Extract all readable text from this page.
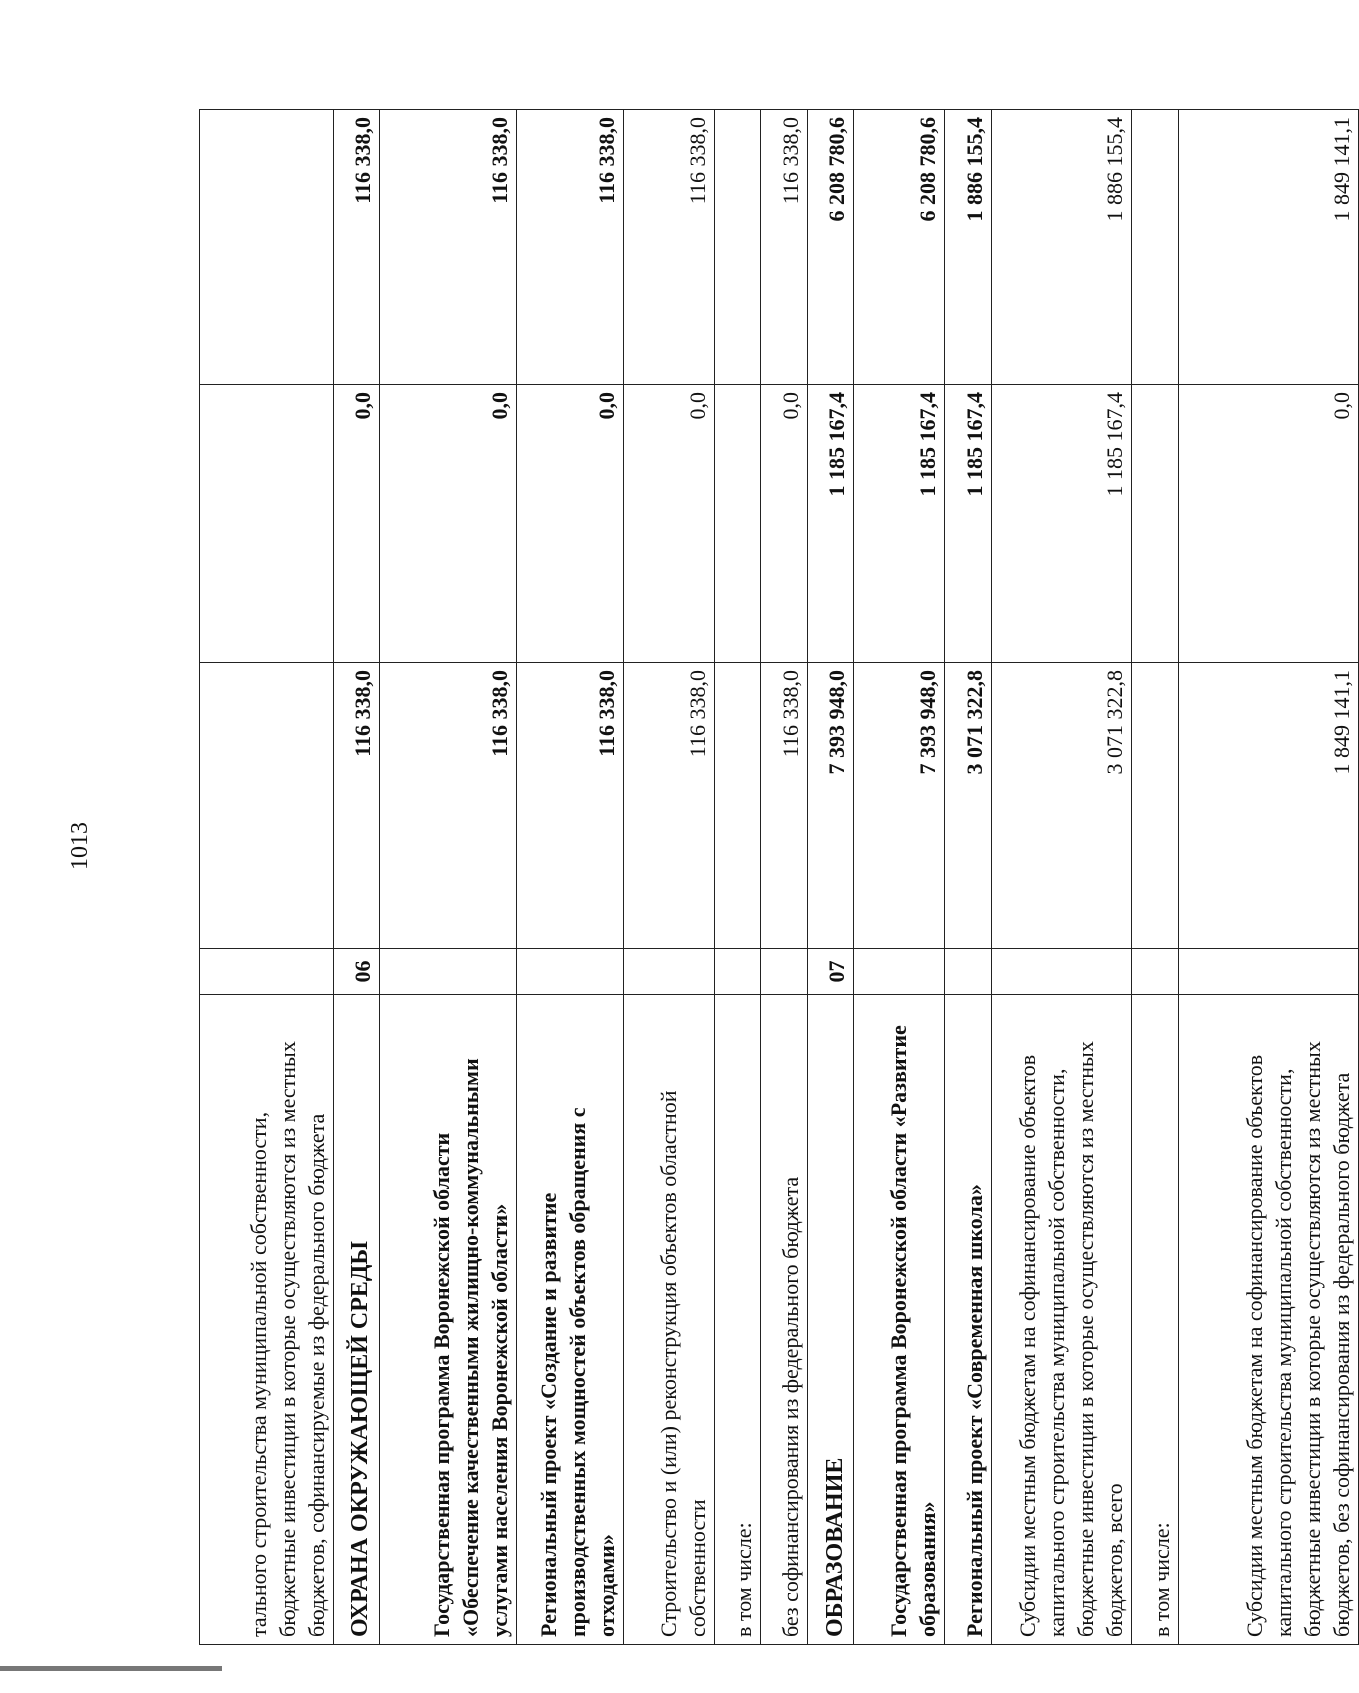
1013
тального строительства муниципальной собственности, бюджетные инвестиции в которые осуществляются из местных бюджетов, софинансируемые из федерального бюджета				
ОХРАНА ОКРУЖАЮЩЕЙ СРЕДЫ	06	116 338,0	0,0	116 338,0
Государственная программа Воронежской области «Обеспечение качественными жилищно-коммунальными услугами населения Воронежской области»		116 338,0	0,0	116 338,0
Региональный проект «Создание и развитие производственных мощностей объектов обращения с отходами»		116 338,0	0,0	116 338,0
Строительство и (или) реконструкция объектов областной собственности		116 338,0	0,0	116 338,0
в том числе:				
без софинансирования из федерального бюджета		116 338,0	0,0	116 338,0
ОБРАЗОВАНИЕ	07	7 393 948,0	1 185 167,4	6 208 780,6
Государственная программа Воронежской области «Развитие образования»		7 393 948,0	1 185 167,4	6 208 780,6
Региональный проект «Современная школа»		3 071 322,8	1 185 167,4	1 886 155,4
Субсидии местным бюджетам на софинансирование объектов капитального строительства муниципальной собственности, бюджетные инвестиции в которые осуществляются из местных бюджетов, всего		3 071 322,8	1 185 167,4	1 886 155,4
в том числе:				
Субсидии местным бюджетам на софинансирование объектов капитального строительства муниципальной собственности, бюджетные инвестиции в которые осуществляются из местных бюджетов, без софинансирования из федерального бюджета		1 849 141,1	0,0	1 849 141,1
